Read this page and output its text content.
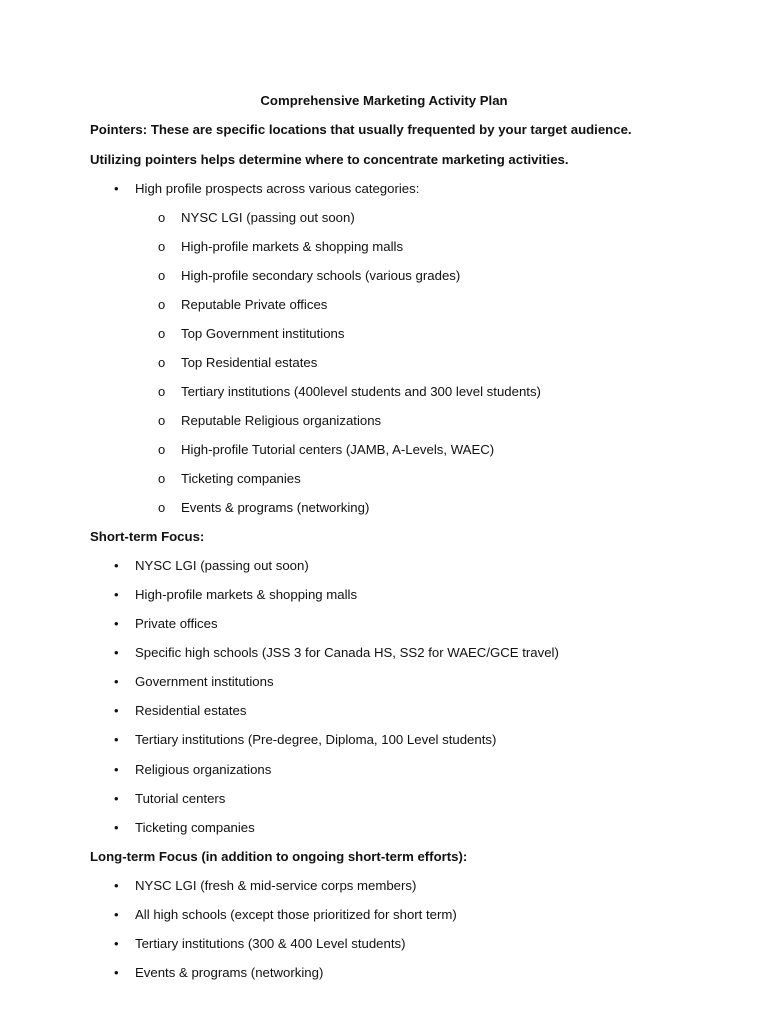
Comprehensive Marketing Activity Plan
Pointers: These are specific locations that usually frequented by your target audience.
Utilizing pointers helps determine where to concentrate marketing activities.
• High profile prospects across various categories:
o NYSC LGI (passing out soon)
o High-profile markets & shopping malls
o High-profile secondary schools (various grades)
o Reputable Private offices
o Top Government institutions
o Top Residential estates
o Tertiary institutions (400level students and 300 level students)
o Reputable Religious organizations
o High-profile Tutorial centers (JAMB, A-Levels, WAEC)
o Ticketing companies
o Events & programs (networking)
Short-term Focus:
• NYSC LGI (passing out soon)
• High-profile markets & shopping malls
• Private offices
• Specific high schools (JSS 3 for Canada HS, SS2 for WAEC/GCE travel)
• Government institutions
• Residential estates
• Tertiary institutions (Pre-degree, Diploma, 100 Level students)
• Religious organizations
• Tutorial centers
• Ticketing companies
Long-term Focus (in addition to ongoing short-term efforts):
• NYSC LGI (fresh & mid-service corps members)
• All high schools (except those prioritized for short term)
• Tertiary institutions (300 & 400 Level students)
• Events & programs (networking)
